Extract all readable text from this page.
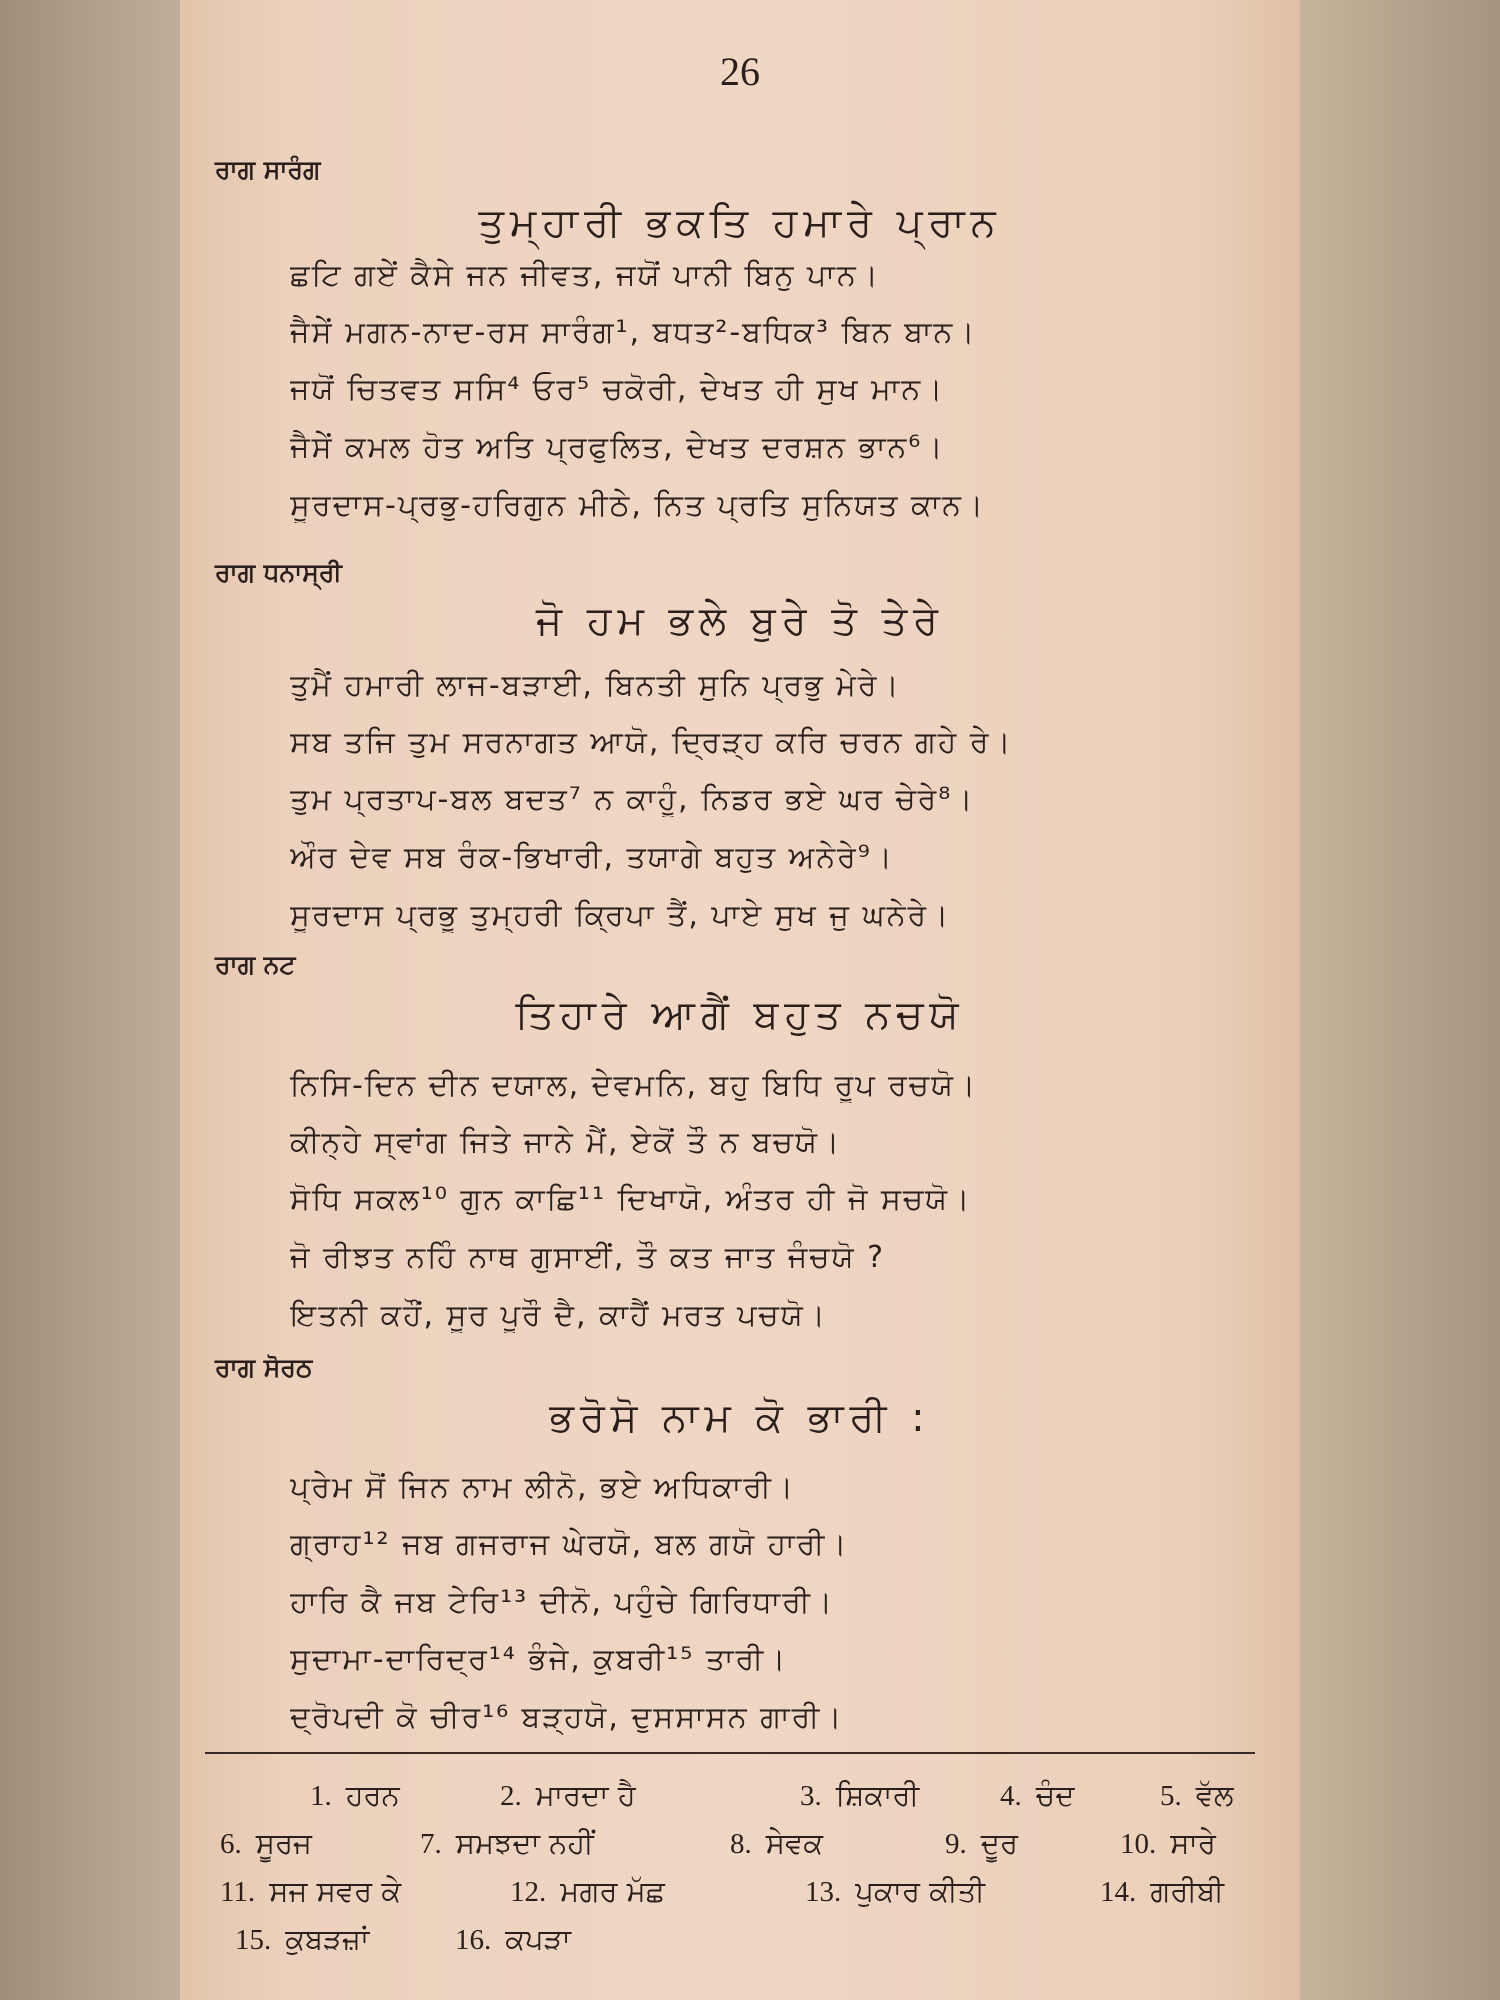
26
ਰਾਗ ਸਾਰੰਗ
ਤੁਮ੍ਹਾਰੀ ਭਕਤਿ ਹਮਾਰੇ ਪ੍ਰਾਨ
ਛਟਿ ਗਏਂ ਕੈਸੇ ਜਨ ਜੀਵਤ, ਜਯੋਂ ਪਾਨੀ ਬਿਨੁ ਪਾਨ।
ਜੈਸੇਂ ਮਗਨ-ਨਾਦ-ਰਸ ਸਾਰੰਗ¹, ਬਧਤ²-ਬਧਿਕ³ ਬਿਨ ਬਾਨ।
ਜਯੋਂ ਚਿਤਵਤ ਸਸਿ⁴ ਓਰ⁵ ਚਕੋਰੀ, ਦੇਖਤ ਹੀ ਸੁਖ ਮਾਨ।
ਜੈਸੇਂ ਕਮਲ ਹੋਤ ਅਤਿ ਪ੍ਰਫੁਲਿਤ, ਦੇਖਤ ਦਰਸ਼ਨ ਭਾਨ⁶।
ਸੂਰਦਾਸ-ਪ੍ਰਭੁ-ਹਰਿਗੁਨ ਮੀਠੇ, ਨਿਤ ਪ੍ਰਤਿ ਸੁਨਿਯਤ ਕਾਨ।
ਰਾਗ ਧਨਾਸ੍ਰੀ
ਜੋ ਹਮ ਭਲੇ ਬੁਰੇ ਤੋ ਤੇਰੇ
ਤੁਮੈਂ ਹਮਾਰੀ ਲਾਜ-ਬੜਾਈ, ਬਿਨਤੀ ਸੁਨਿ ਪ੍ਰਭੁ ਮੇਰੇ।
ਸਬ ਤਜਿ ਤੁਮ ਸਰਨਾਗਤ ਆਯੋ, ਦ੍ਰਿੜ੍ਹ ਕਰਿ ਚਰਨ ਗਹੇ ਰੇ।
ਤੁਮ ਪ੍ਰਤਾਪ-ਬਲ ਬਦਤ⁷ ਨ ਕਾਹੂੰ, ਨਿਡਰ ਭਏ ਘਰ ਚੇਰੇ⁸।
ਔਰ ਦੇਵ ਸਬ ਰੰਕ-ਭਿਖਾਰੀ, ਤਯਾਗੇ ਬਹੁਤ ਅਨੇਰੇ⁹।
ਸੂਰਦਾਸ ਪ੍ਰਭੂ ਤੁਮ੍ਹਰੀ ਕ੍ਰਿਪਾ ਤੈਂ, ਪਾਏ ਸੁਖ ਜੁ ਘਨੇਰੇ।
ਰਾਗ ਨਟ
ਤਿਹਾਰੇ ਆਗੈਂ ਬਹੁਤ ਨਚਯੋ
ਨਿਸਿ-ਦਿਨ ਦੀਨ ਦਯਾਲ, ਦੇਵਮਨਿ, ਬਹੁ ਬਿਧਿ ਰੂਪ ਰਚਯੋ।
ਕੀਨ੍ਹੇ ਸ੍ਵਾਂਗ ਜਿਤੇ ਜਾਨੇ ਮੈਂ, ਏਕੋਂ ਤੌ ਨ ਬਚਯੋ।
ਸੋਧਿ ਸਕਲ¹⁰ ਗੁਨ ਕਾਛਿ¹¹ ਦਿਖਾਯੋ, ਅੰਤਰ ਹੀ ਜੋ ਸਚਯੋ।
ਜੋ ਰੀਝਤ ਨਹਿੰ ਨਾਥ ਗੁਸਾਈਂ, ਤੌ ਕਤ ਜਾਤ ਜੰਚਯੋ ?
ਇਤਨੀ ਕਹੌਂ, ਸੂਰ ਪੂਰੌ ਦੈ, ਕਾਹੈਂ ਮਰਤ ਪਚਯੋ।
ਰਾਗ ਸੋਰਠ
ਭਰੋਸੋ ਨਾਮ ਕੋ ਭਾਰੀ :
ਪ੍ਰੇਮ ਸੋਂ ਜਿਨ ਨਾਮ ਲੀਨੋ, ਭਏ ਅਧਿਕਾਰੀ।
ਗ੍ਰਾਹ¹² ਜਬ ਗਜਰਾਜ ਘੇਰਯੋ, ਬਲ ਗਯੋ ਹਾਰੀ।
ਹਾਰਿ ਕੈ ਜਬ ਟੇਰਿ¹³ ਦੀਨੋ, ਪਹੁੰਚੇ ਗਿਰਿਧਾਰੀ।
ਸੁਦਾਮਾ-ਦਾਰਿਦ੍ਰ¹⁴ ਭੰਜੇ, ਕੁਬਰੀ¹⁵ ਤਾਰੀ।
ਦ੍ਰੋਪਦੀ ਕੋ ਚੀਰ¹⁶ ਬੜ੍ਹਯੋ, ਦੁਸਸਾਸਨ ਗਾਰੀ।
1. ਹਰਨ	2. ਮਾਰਦਾ ਹੈ	3. ਸ਼ਿਕਾਰੀ	4. ਚੰਦ	5. ਵੱਲ
6. ਸੂਰਜ	7. ਸਮਝਦਾ ਨਹੀਂ	8. ਸੇਵਕ	9. ਦੂਰ	10. ਸਾਰੇ
11. ਸਜ ਸਵਰ ਕੇ	12. ਮਗਰ ਮੱਛ	13. ਪੁਕਾਰ ਕੀਤੀ	14. ਗਰੀਬੀ
15. ਕੁਬੜਜ਼ਾਂ	16. ਕਪੜਾ
